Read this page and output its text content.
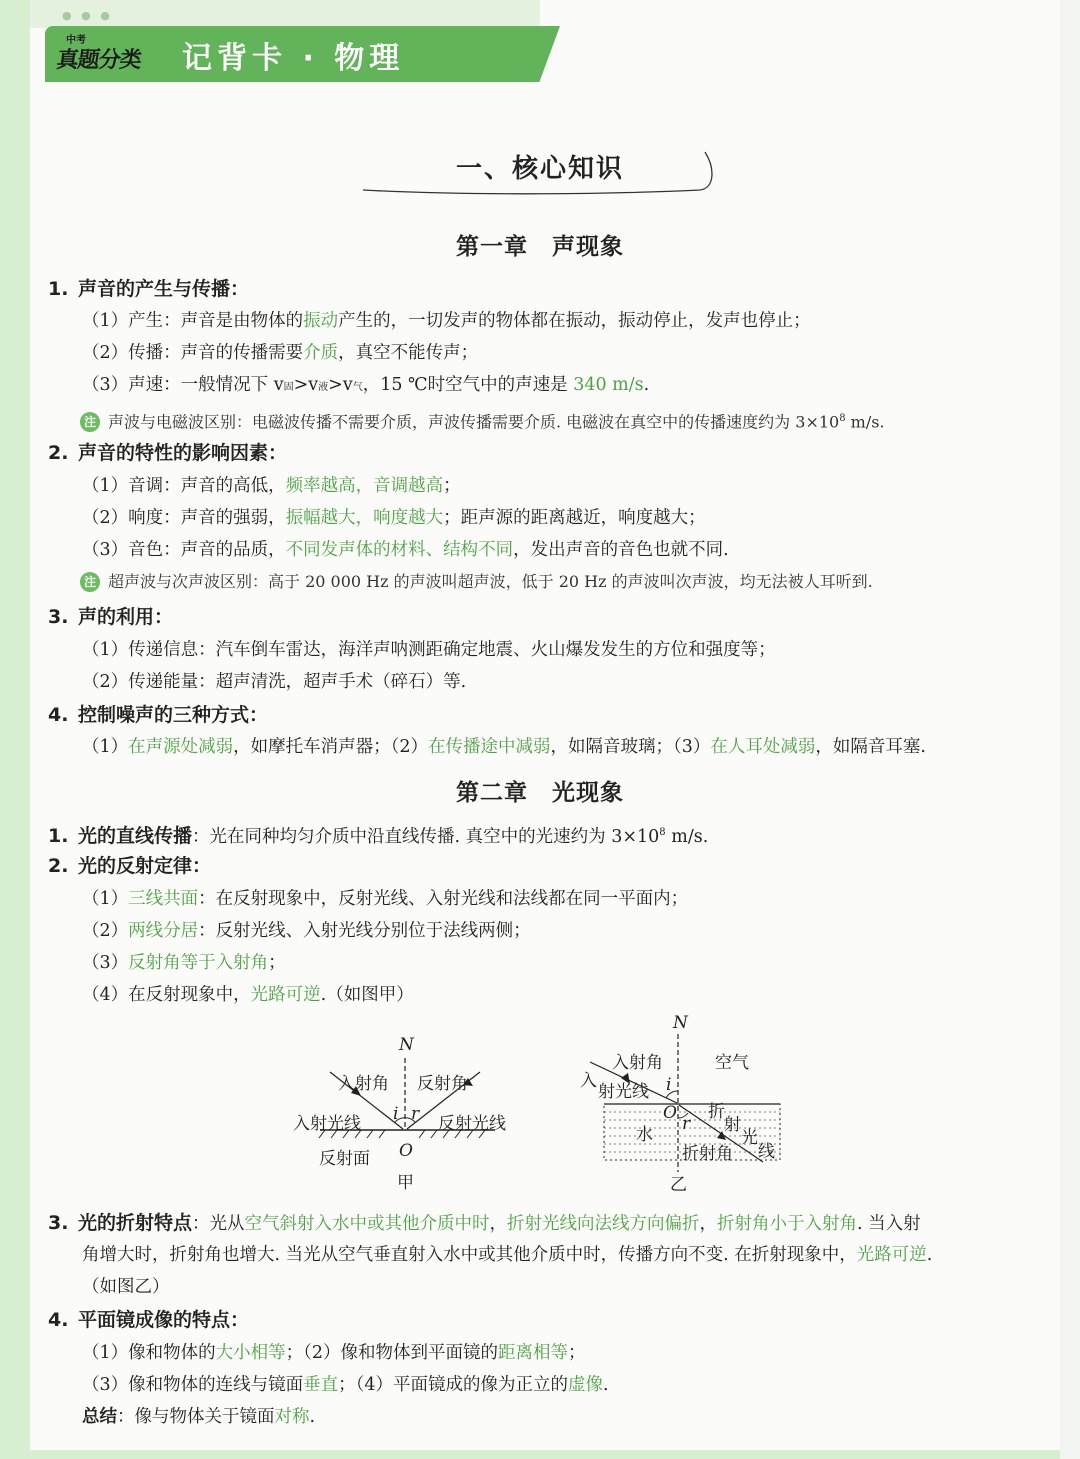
● ● ●
中考
真题分类 记背卡 · 物理
一、核心知识
第一章　声现象
1. 声音的产生与传播：
（1）产生：声音是由物体的振动产生的，一切发声的物体都在振动，振动停止，发声也停止；
（2）传播：声音的传播需要介质，真空不能传声；
（3）声速：一般情况下 v固>v液>v气，15 ℃时空气中的声速是 340 m/s.
注 声波与电磁波区别：电磁波传播不需要介质，声波传播需要介质. 电磁波在真空中的传播速度约为 $3\times 10^8$ m/s.
2. 声音的特性的影响因素：
（1）音调：声音的高低，频率越高，音调越高；
（2）响度：声音的强弱，振幅越大，响度越大；距声源的距离越近，响度越大；
（3）音色：声音的品质，不同发声体的材料、结构不同，发出声音的音色也就不同.
注 超声波与次声波区别：高于 20 000 Hz 的声波叫超声波，低于 20 Hz 的声波叫次声波，均无法被人耳听到.
3. 声的利用：
（1）传递信息：汽车倒车雷达，海洋声呐测距确定地震、火山爆发发生的方位和强度等；
（2）传递能量：超声清洗，超声手术（碎石）等.
4. 控制噪声的三种方式：
（1）在声源处减弱，如摩托车消声器；（2）在传播途中减弱，如隔音玻璃；（3）在人耳处减弱，如隔音耳塞.
第二章　光现象
1. 光的直线传播：光在同种均匀介质中沿直线传播. 真空中的光速约为 $3\times 10^8$ m/s.
2. 光的反射定律：
（1）三线共面：在反射现象中，反射光线、入射光线和法线都在同一平面内；
（2）两线分居：反射光线、入射光线分别位于法线两侧；
（3）反射角等于入射角；
（4）在反射现象中，光路可逆.（如图甲）
N
入射角 反射角
入射光线	反射光线
i r
反射面 O
甲
N
入射角	空气
入
射光线 i
O
r
水
折
射
光
线
折射角
乙
3. 光的折射特点：光从空气斜射入水中或其他介质中时，折射光线向法线方向偏折，折射角小于入射角. 当入射
角增大时，折射角也增大. 当光从空气垂直射入水中或其他介质中时，传播方向不变. 在折射现象中，光路可逆.
（如图乙）
4. 平面镜成像的特点：
（1）像和物体的大小相等；（2）像和物体到平面镜的距离相等；
（3）像和物体的连线与镜面垂直；（4）平面镜成的像为正立的虚像.
总结：像与物体关于镜面对称.
